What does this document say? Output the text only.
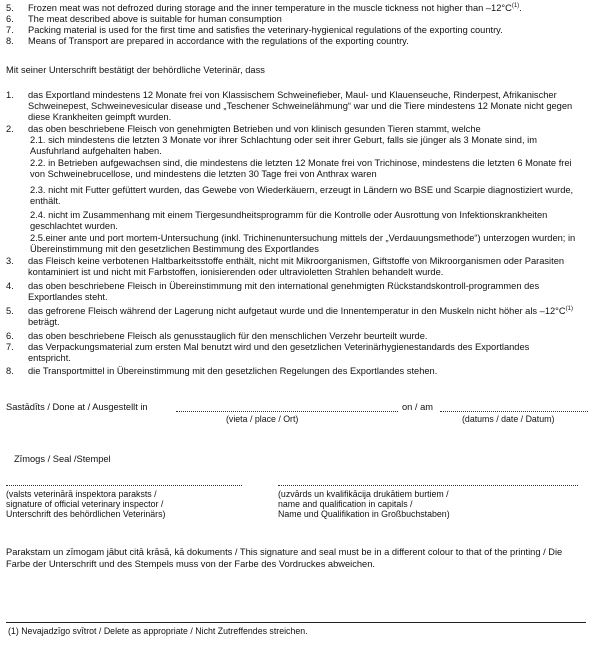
5.	Frozen meat was not defrozed during storage and the inner temperature in the muscle tickness not higher than $-12^\circ C^{(1)}$.
6.	The meat described above is suitable for human consumption
7.	Packing material is used for the first time and satisfies the veterinary-hygienical regulations of the exporting country.
8.	Means of Transport are prepared in accordance with the regulations of the exporting country.
Mit seiner Unterschrift bestätigt der behördliche Veterinär, dass
1.	das Exportland mindestens 12 Monate frei von Klassischem Schweinefieber, Maul- und Klauenseuche, Rinderpest, Afrikanischer Schweinepest, Schweinevesicular disease und „Teschener Schweinelähmung“ war und die Tiere mindestens 12 Monate nicht gegen diese Krankheiten geimpft wurden.
2.	das oben beschriebene Fleisch von genehmigten Betrieben und von klinisch gesunden Tieren stammt, welche
2.1. sich mindestens die letzten 3 Monate vor ihrer Schlachtung oder seit ihrer Geburt, falls sie jünger als 3 Monate sind, im Ausfuhrland aufgehalten haben.
2.2. in Betrieben aufgewachsen sind, die mindestens die letzten 12 Monate frei von Trichinose, mindestens die letzten 6 Monate frei von Schweinebrucellose, und mindestens die letzten 30 Tage frei von Anthrax waren
2.3. nicht mit Futter gefüttert wurden, das Gewebe von Wiederkäuern, erzeugt in Ländern wo BSE und Scarpie diagnostiziert wurde, enthält.
2.4. nicht im Zusammenhang mit einem Tiergesundheitsprogramm für die Kontrolle oder Ausrottung von Infektionskrankheiten geschlachtet wurden.
2.5.einer ante und port mortem-Untersuchung (inkl. Trichinenuntersuchung mittels der „Verdauungsmethode“) unterzogen wurden; in Übereinstimmung mit den gesetzlichen Bestimmung des Exportlandes
3.	das Fleisch keine verbotenen Haltbarkeitsstoffe enthält, nicht mit Mikroorganismen, Giftstoffe von Mikroorganismen oder Parasiten kontaminiert ist und nicht mit Farbstoffen, ionisierenden oder ultravioletten Strahlen behandelt wurde.
4.	das oben beschriebene Fleisch in Übereinstimmung mit den international genehmigten Rückstandskontroll-programmen des Exportlandes steht.
5.	das gefrorene Fleisch während der Lagerung nicht aufgetaut wurde und die Innentemperatur in den Muskeln nicht höher als $-12^\circ C^{(1)}$ beträgt.
6.	das oben beschriebene Fleisch als genusstauglich für den menschlichen Verzehr beurteilt wurde.
7.	das Verpackungsmaterial zum ersten Mal benutzt wird und den gesetzlichen Veterinärhygienestandards des Exportlandes entspricht.
8.	die Transportmittel in Übereinstimmung mit den gesetzlichen Regelungen des Exportlandes stehen.
Sastādīts / Done at / Ausgestellt in
(vieta / place / Ort)
on / am
(datums / date / Datum)
Zīmogs / Seal /Stempel
(valsts veterinārā inspektora paraksts /
signature of official veterinary inspector /
Unterschrift des behördlichen Veterinärs)
(uzvārds un kvalifikācija drukātiem burtiem /
name and qualification in capitals /
Name und Qualifikation in Großbuchstaben)
Parakstam un zīmogam jābut citā krāsā, kā dokuments / This signature and seal must be in a different colour to that of the printing / Die Farbe der Unterschrift und des Stempels muss von der Farbe des Vordruckes abweichen.
(1) Nevajadzīgo svītrot / Delete as appropriate / Nicht Zutreffendes streichen.
